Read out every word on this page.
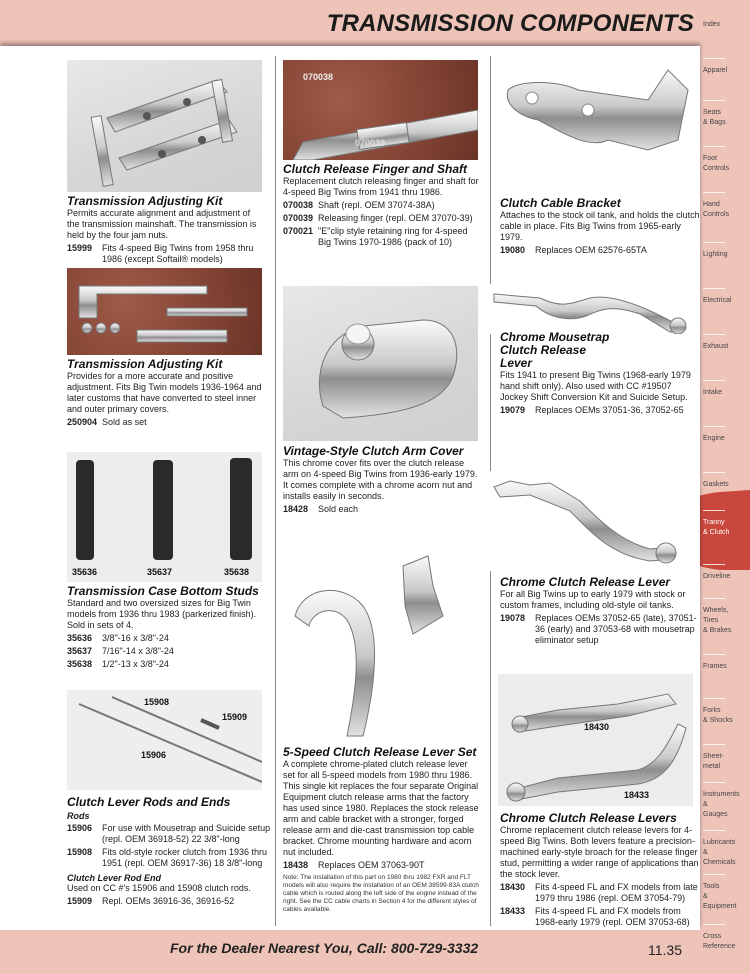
TRANSMISSION COMPONENTS Index
Apparel
Seats
& Bags
Foot
Controls
Hand
Controls
Lighting
Electrical
Exhaust
Intake
Engine
Gaskets
Tranny
& Clutch
Driveline
Wheels,
Tires
& Brakes
Frames
Forks
& Shocks
Sheet-
metal
Instruments
&
Gauges
Lubricants
&
Chemicals
Tools
&
Equipment
Cross
Reference
Transmission Adjusting Kit
Permits accurate alignment and adjustment of the transmission mainshaft. The transmission is held by the four jam nuts.
15999	Fits 4-speed Big Twins from 1958 thru 1986 (except Softail® models)
Transmission Adjusting Kit
Provides for a more accurate and positive adjustment. Fits Big Twin models 1936-1964 and later customs that have converted to steel inner and outer primary covers.
250904 Sold as set
35636	35637	35638
Transmission Case Bottom Studs
Standard and two oversized sizes for Big Twin models from 1936 thru 1983 (parkerized finish). Sold in sets of 4.
35636	3/8"-16 x 3/8"-24
35637	7/16"-14 x 3/8"-24
35638	1/2"-13 x 3/8"-24
15908
15909
15906
Clutch Lever Rods and Ends
Rods
15906	For use with Mousetrap and Suicide setup (repl. OEM 36918-52) 22 3/8"-long
15908	Fits old-style rocker clutch from 1936 thru 1951 (repl. OEM 36917-36) 18 3/8"-long
Clutch Lever Rod End
Used on CC #'s 15906 and 15908 clutch rods.
15909	Repl. OEMs 36916-36, 36916-52
070038
070039
Clutch Release Finger and Shaft
Replacement clutch releasing finger and shaft for 4-speed Big Twins from 1941 thru 1986.
070038 Shaft (repl. OEM 37074-38A)
070039 Releasing finger (repl. OEM 37070-39)
070021 "E"clip style retaining ring for 4-speed Big Twins 1970-1986 (pack of 10)
Vintage-Style Clutch Arm Cover
This chrome cover fits over the clutch release arm on 4-speed Big Twins from 1936-early 1979. It comes complete with a chrome acorn nut and installs easily in seconds.
18428	Sold each
5-Speed Clutch Release Lever Set
A complete chrome-plated clutch release lever set for all 5-speed models from 1980 thru 1986. This single kit replaces the four separate Original Equipment clutch release arms that the factory has used since 1980. Replaces the stock release arm and cable bracket with a stronger, forged release arm and die-cast transmission top cable bracket. Chrome mounting hardware and acorn nut included.
18438	Replaces OEM 37063-90T
Note: The installation of this part on 1980 thru 1982 FXR and FLT models will also require the installation of an OEM 38599-83A clutch cable which is routed along the left side of the engine instead of the right. See the CC cable charts in Section 4 for the different styles of cables available.
Clutch Cable Bracket
Attaches to the stock oil tank, and holds the clutch cable in place. Fits Big Twins from 1965-early 1979.
19080	Replaces OEM 62576-65TA
Chrome Mousetrap Clutch Release Lever
Fits 1941 to present Big Twins (1968-early 1979 hand shift only). Also used with CC #19507 Jockey Shift Conversion Kit and Suicide Setup.
19079	Replaces OEMs 37051-36, 37052-65
Chrome Clutch Release Lever
For all Big Twins up to early 1979 with stock or custom frames, including old-style oil tanks.
19078	Replaces OEMs 37052-65 (late), 37051-36 (early) and 37053-68 with mousetrap eliminator setup
18430
18433
Chrome Clutch Release Levers
Chrome replacement clutch release levers for 4-speed Big Twins. Both levers feature a precision-machined early-style broach for the release finger stud, permitting a wider range of applications than the stock lever.
18430	Fits 4-speed FL and FX models from late 1979 thru 1986 (repl. OEM 37054-79)
18433	Fits 4-speed FL and FX models from 1968-early 1979 (repl. OEM 37053-68)
For the Dealer Nearest You, Call: 800-729-3332	11.35
